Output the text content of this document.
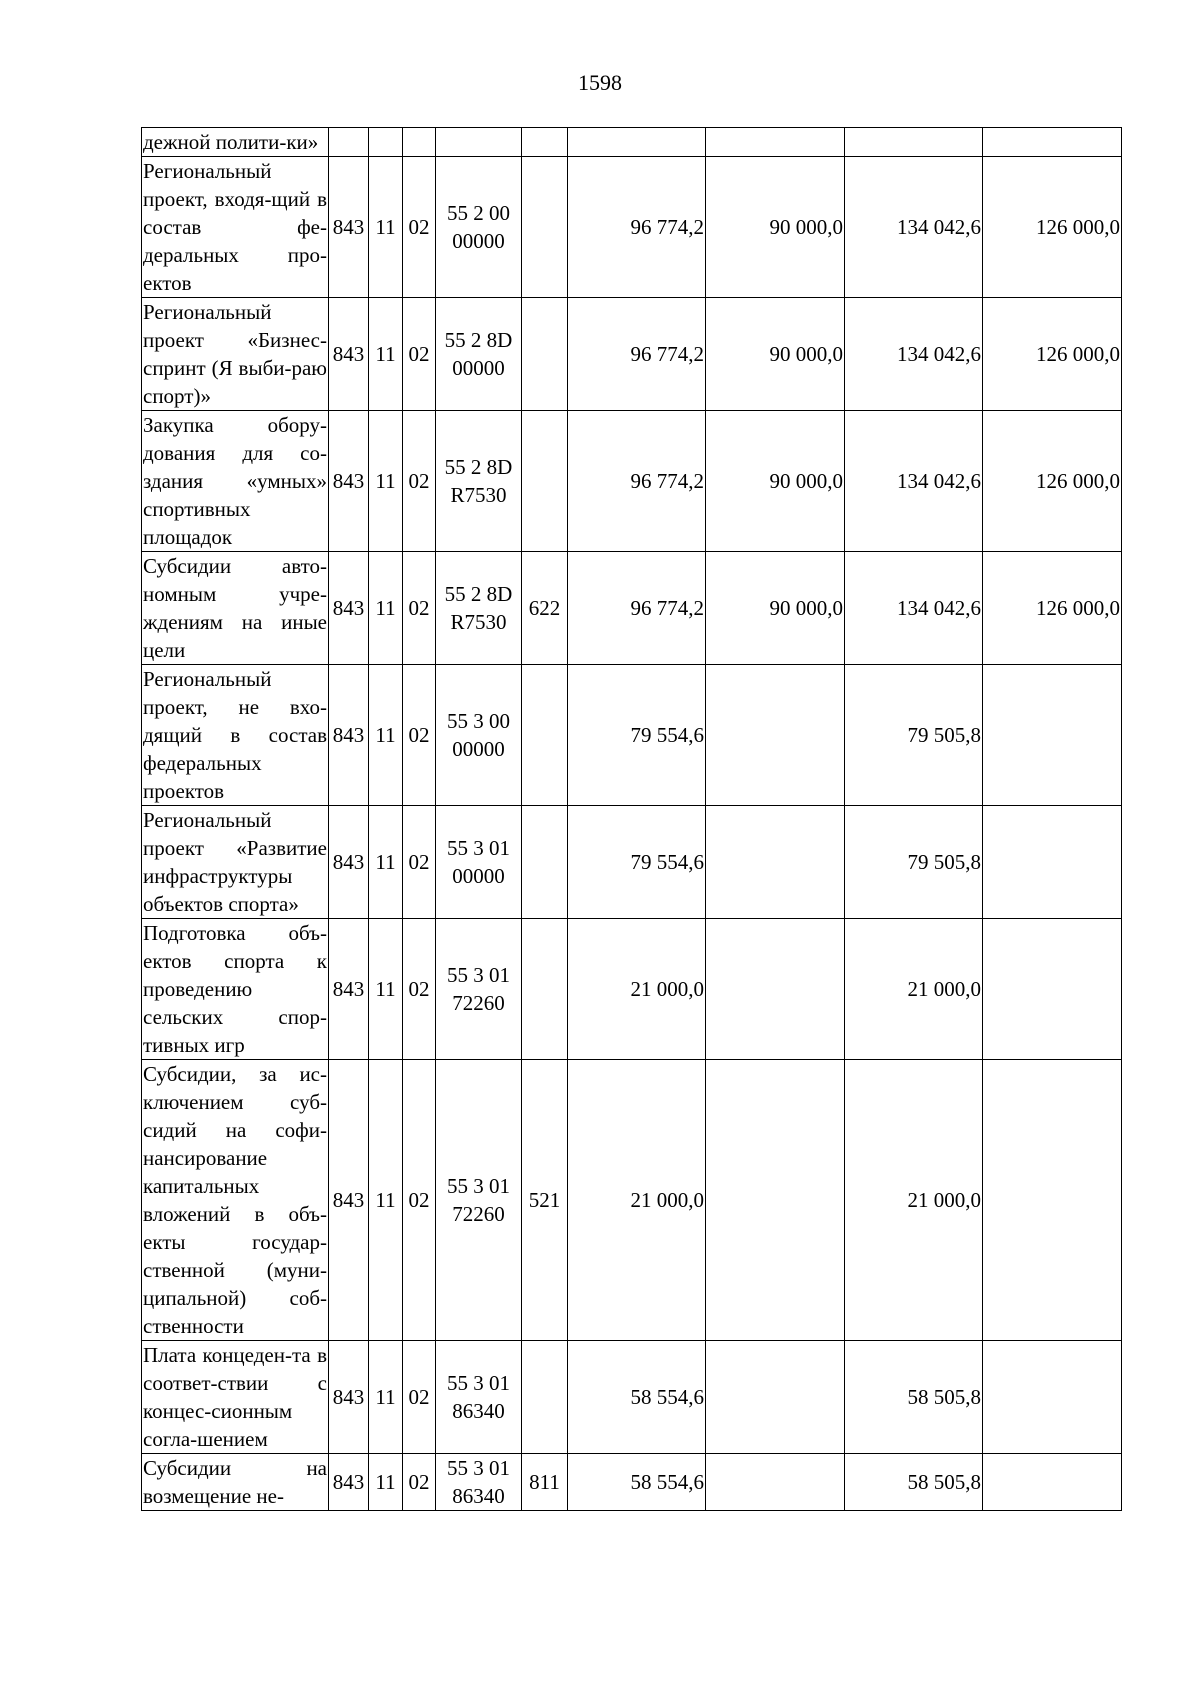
1598
дежной полити-ки»									
Региональный проект, входя-щий в состав фе-деральных про-ектов	843	11	02	55 2 00 00000		96 774,2	90 000,0	134 042,6	126 000,0
Региональный проект «Бизнес-спринт (Я выби-раю спорт)»	843	11	02	55 2 8D 00000		96 774,2	90 000,0	134 042,6	126 000,0
Закупка обору-дования для со-здания «умных» спортивных площадок	843	11	02	55 2 8D R7530		96 774,2	90 000,0	134 042,6	126 000,0
Субсидии авто-номным учре-ждениям на иные цели	843	11	02	55 2 8D R7530	622	96 774,2	90 000,0	134 042,6	126 000,0
Региональный проект, не вхо-дящий в состав федеральных проектов	843	11	02	55 3 00 00000		79 554,6		79 505,8	
Региональный проект «Развитие инфраструктуры объектов спорта»	843	11	02	55 3 01 00000		79 554,6		79 505,8	
Подготовка объ-ектов спорта к проведению сельских спор-тивных игр	843	11	02	55 3 01 72260		21 000,0		21 000,0	
Субсидии, за ис-ключением суб-сидий на софи-нансирование капитальных вложений в объ-екты государ-ственной (муни-ципальной) соб-ственности	843	11	02	55 3 01 72260	521	21 000,0		21 000,0	
Плата концеден-та в соответ-ствии с концес-сионным согла-шением	843	11	02	55 3 01 86340		58 554,6		58 505,8	
Субсидии на возмещение не-	843	11	02	55 3 01 86340	811	58 554,6		58 505,8	
